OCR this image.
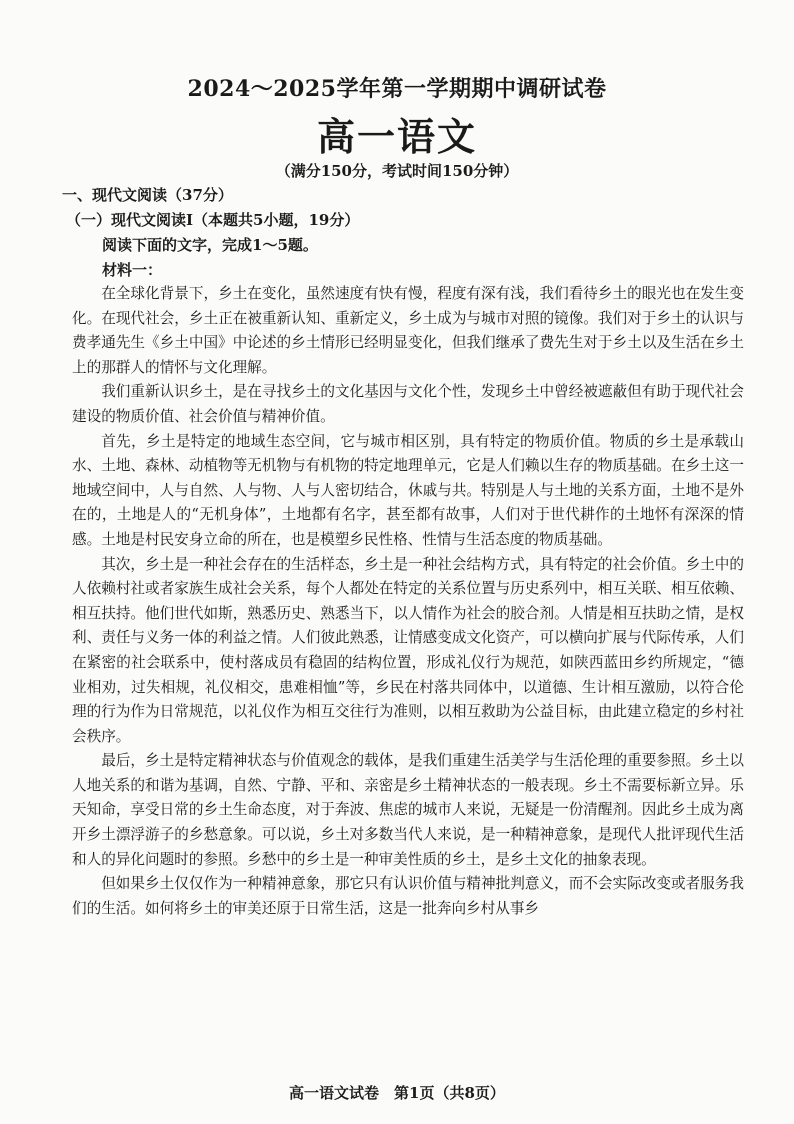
2024～2025学年第一学期期中调研试卷
高一语文
（满分150分，考试时间150分钟）
一、现代文阅读（37分）
（一）现代文阅读Ⅰ（本题共5小题，19分）
阅读下面的文字，完成1～5题。
材料一：

在全球化背景下，乡土在变化，虽然速度有快有慢，程度有深有浅，我们看待乡土的眼光也在发生变化。在现代社会，乡土正在被重新认知、重新定义，乡土成为与城市对照的镜像。我们对于乡土的认识与费孝通先生《乡土中国》中论述的乡土情形已经明显变化，但我们继承了费先生对于乡土以及生活在乡土上的那群人的情怀与文化理解。

我们重新认识乡土，是在寻找乡土的文化基因与文化个性，发现乡土中曾经被遮蔽但有助于现代社会建设的物质价值、社会价值与精神价值。

首先，乡土是特定的地域生态空间，它与城市相区别，具有特定的物质价值。物质的乡土是承载山水、土地、森林、动植物等无机物与有机物的特定地理单元，它是人们赖以生存的物质基础。在乡土这一地域空间中，人与自然、人与物、人与人密切结合，休戚与共。特别是人与土地的关系方面，土地不是外在的，土地是人的“无机身体”，土地都有名字，甚至都有故事，人们对于世代耕作的土地怀有深深的情感。土地是村民安身立命的所在，也是模塑乡民性格、性情与生活态度的物质基础。

其次，乡土是一种社会存在的生活样态，乡土是一种社会结构方式，具有特定的社会价值。乡土中的人依赖村社或者家族生成社会关系，每个人都处在特定的关系位置与历史系列中，相互关联、相互依赖、相互扶持。他们世代如斯，熟悉历史、熟悉当下，以人情作为社会的胶合剂。人情是相互扶助之情，是权利、责任与义务一体的利益之情。人们彼此熟悉，让情感变成文化资产，可以横向扩展与代际传承，人们在紧密的社会联系中，使村落成员有稳固的结构位置，形成礼仪行为规范，如陕西蓝田乡约所规定，“德业相劝，过失相规，礼仪相交，患难相恤”等，乡民在村落共同体中，以道德、生计相互激励，以符合伦理的行为作为日常规范，以礼仪作为相互交往行为准则，以相互救助为公益目标，由此建立稳定的乡村社会秩序。

最后，乡土是特定精神状态与价值观念的载体，是我们重建生活美学与生活伦理的重要参照。乡土以人地关系的和谐为基调，自然、宁静、平和、亲密是乡土精神状态的一般表现。乡土不需要标新立异。乐天知命，享受日常的乡土生命态度，对于奔波、焦虑的城市人来说，无疑是一份清醒剂。因此乡土成为离开乡土漂浮游子的乡愁意象。可以说，乡土对多数当代人来说，是一种精神意象，是现代人批评现代生活和人的异化问题时的参照。乡愁中的乡土是一种审美性质的乡土，是乡土文化的抽象表现。

但如果乡土仅仅作为一种精神意象，那它只有认识价值与精神批判意义，而不会实际改变或者服务我们的生活。如何将乡土的审美还原于日常生活，这是一批奔向乡村从事乡

高一语文试卷　第1页（共8页）
